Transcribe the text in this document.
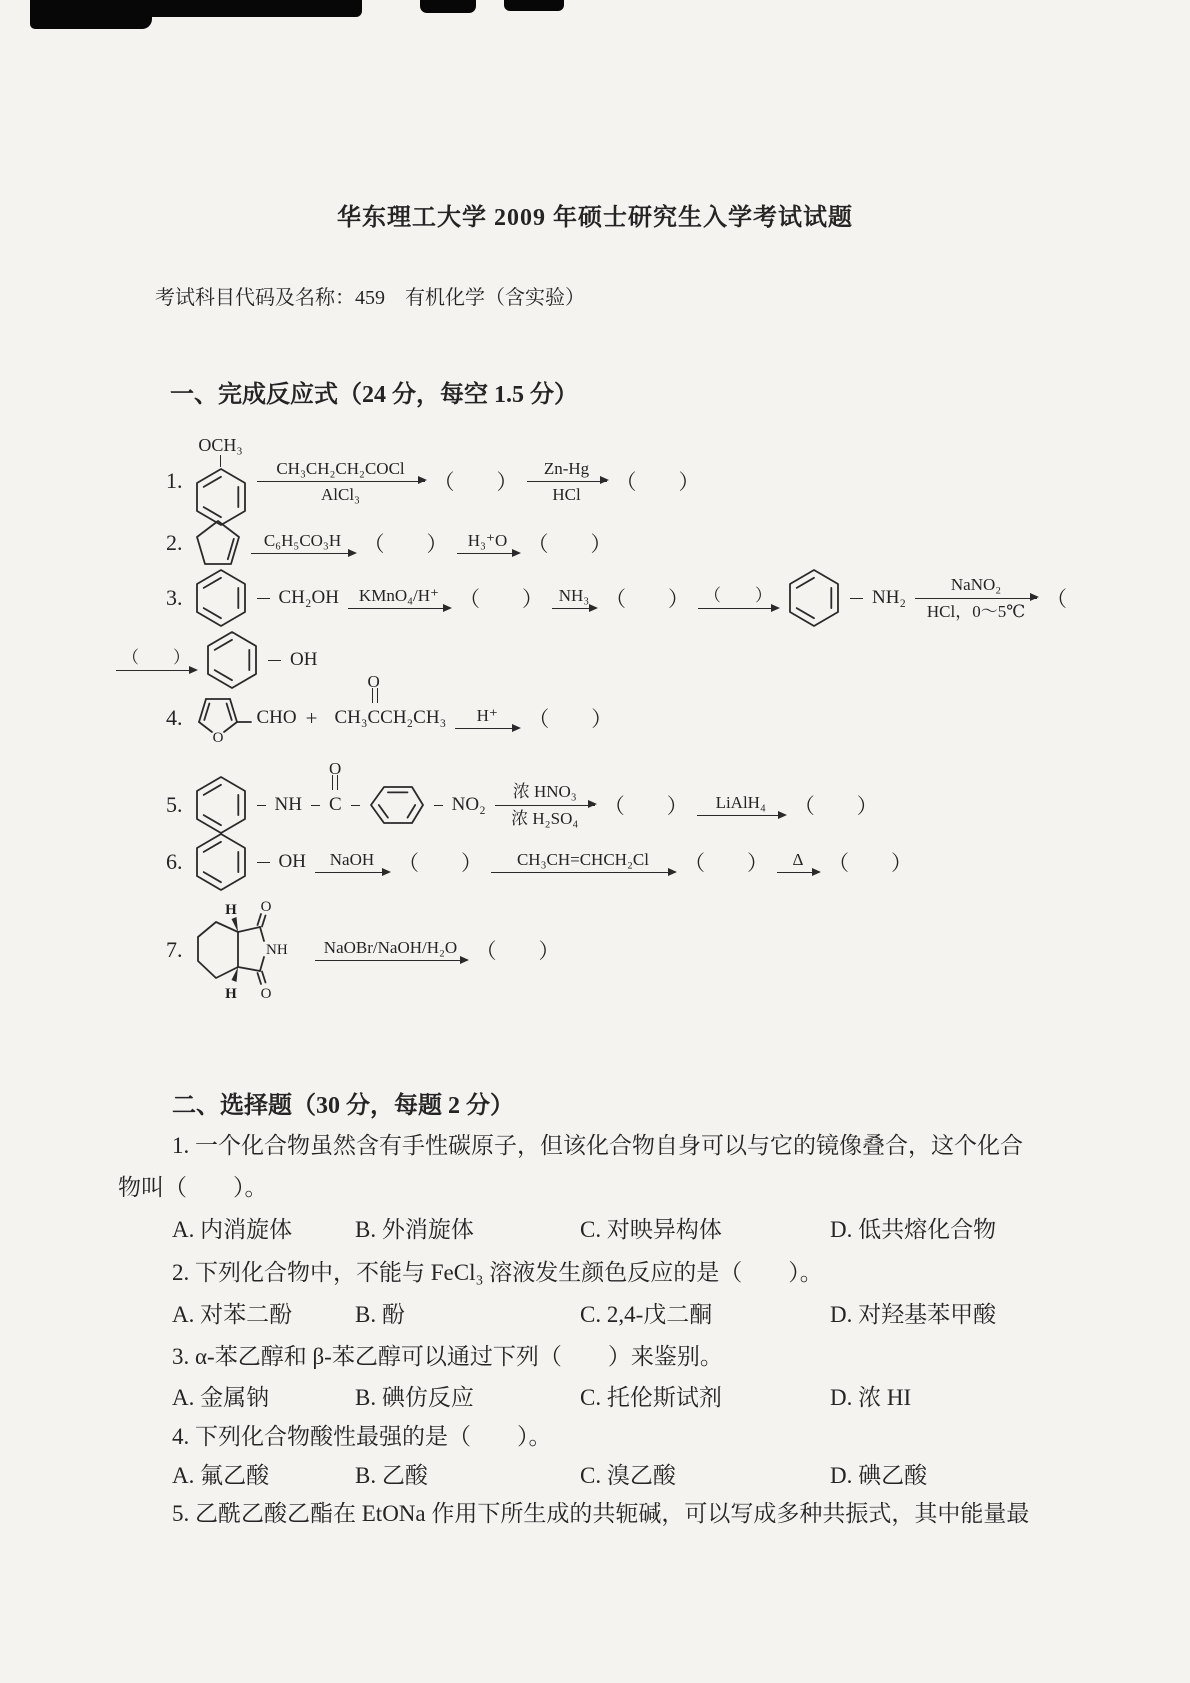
华东理工大学 2009 年硕士研究生入学考试试题
考试科目代码及名称：459　有机化学（含实验）
一、完成反应式（24 分，每空 1.5 分）
1.
OCH₃
CH₃CH₂CH₂COCl
AlCl₃	（　　）
Zn-Hg
HCl （　　）
2.	C₆H₅CO₃H （　　） H₃⁺O （　　）
3.	CH₂OH KMnO₄/H⁺ （　　） NH₃ （　　） （　　）	NH₂
NaNO₂
HCl，0～5℃ （
（　　）	OH
4.
O
CHO +
O
CH₃CCH₂CH₃ H⁺ （　　）
5.	NH
O
C	NO₂
浓 HNO₃
浓 H₂SO₄ （　　） LiAlH₄ （　　）
6.	OH NaOH （　　） CH₃CH=CHCH₂Cl （　　） Δ （　　）
7.
H O
NH
H O
NaOBr/NaOH/H₂O （　　）
二、选择题（30 分，每题 2 分）
1. 一个化合物虽然含有手性碳原子，但该化合物自身可以与它的镜像叠合，这个化合
物叫（　　）。
A. 内消旋体	B. 外消旋体	C. 对映异构体	D. 低共熔化合物
2. 下列化合物中，不能与 FeCl₃ 溶液发生颜色反应的是（　　）。
A. 对苯二酚	B. 酚	C. 2,4-戊二酮	D. 对羟基苯甲酸
3. α-苯乙醇和 β-苯乙醇可以通过下列（　　）来鉴别。
A. 金属钠	B. 碘仿反应	C. 托伦斯试剂	D. 浓 HI
4. 下列化合物酸性最强的是（　　）。
A. 氟乙酸	B. 乙酸	C. 溴乙酸	D. 碘乙酸
5. 乙酰乙酸乙酯在 EtONa 作用下所生成的共轭碱，可以写成多种共振式，其中能量最
